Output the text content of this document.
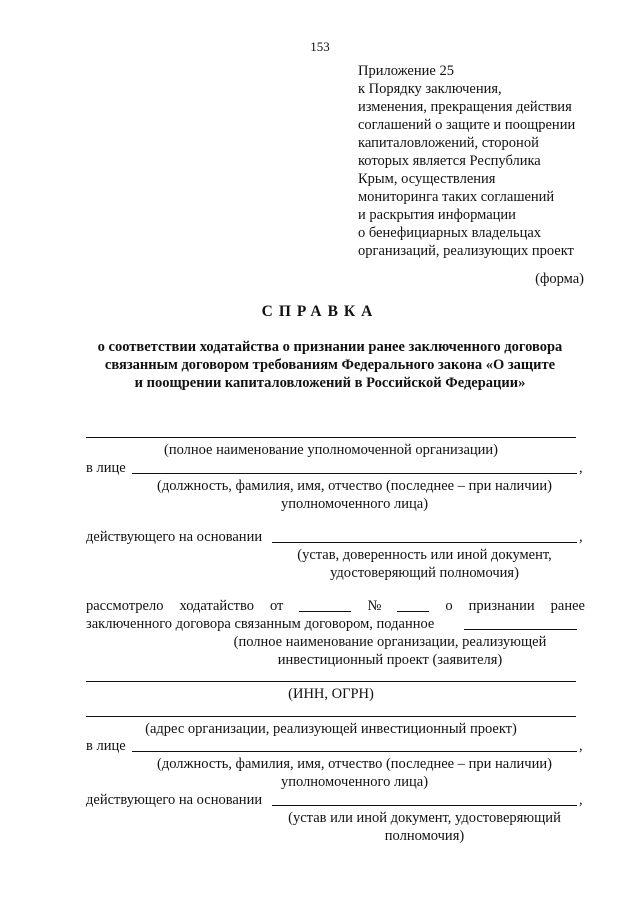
153
Приложение 25
к Порядку заключения,
изменения, прекращения действия
соглашений о защите и поощрении
капиталовложений, стороной
которых является Республика
Крым, осуществления
мониторинга таких соглашений
и раскрытия информации
о бенефициарных владельцах
организаций, реализующих проект
(форма)
СПРАВКА
о соответствии ходатайства о признании ранее заключенного договора
связанным договором требованиям Федерального закона «О защите
и поощрении капиталовложений в Российской Федерации»
(полное наименование уполномоченной организации)
в лице	,
(должность, фамилия, имя, отчество (последнее – при наличии)
уполномоченного лица)
действующего на основании	,
(устав, доверенность или иной документ,
удостоверяющий полномочия)
рассмотрело ходатайство от	№	о признании ранее
заключенного договора связанным договором, поданное
(полное наименование организации, реализующей
инвестиционный проект (заявителя)
(ИНН, ОГРН)
(адрес организации, реализующей инвестиционный проект)
в лице	,
(должность, фамилия, имя, отчество (последнее – при наличии)
уполномоченного лица)
действующего на основании	,
(устав или иной документ, удостоверяющий
полномочия)
